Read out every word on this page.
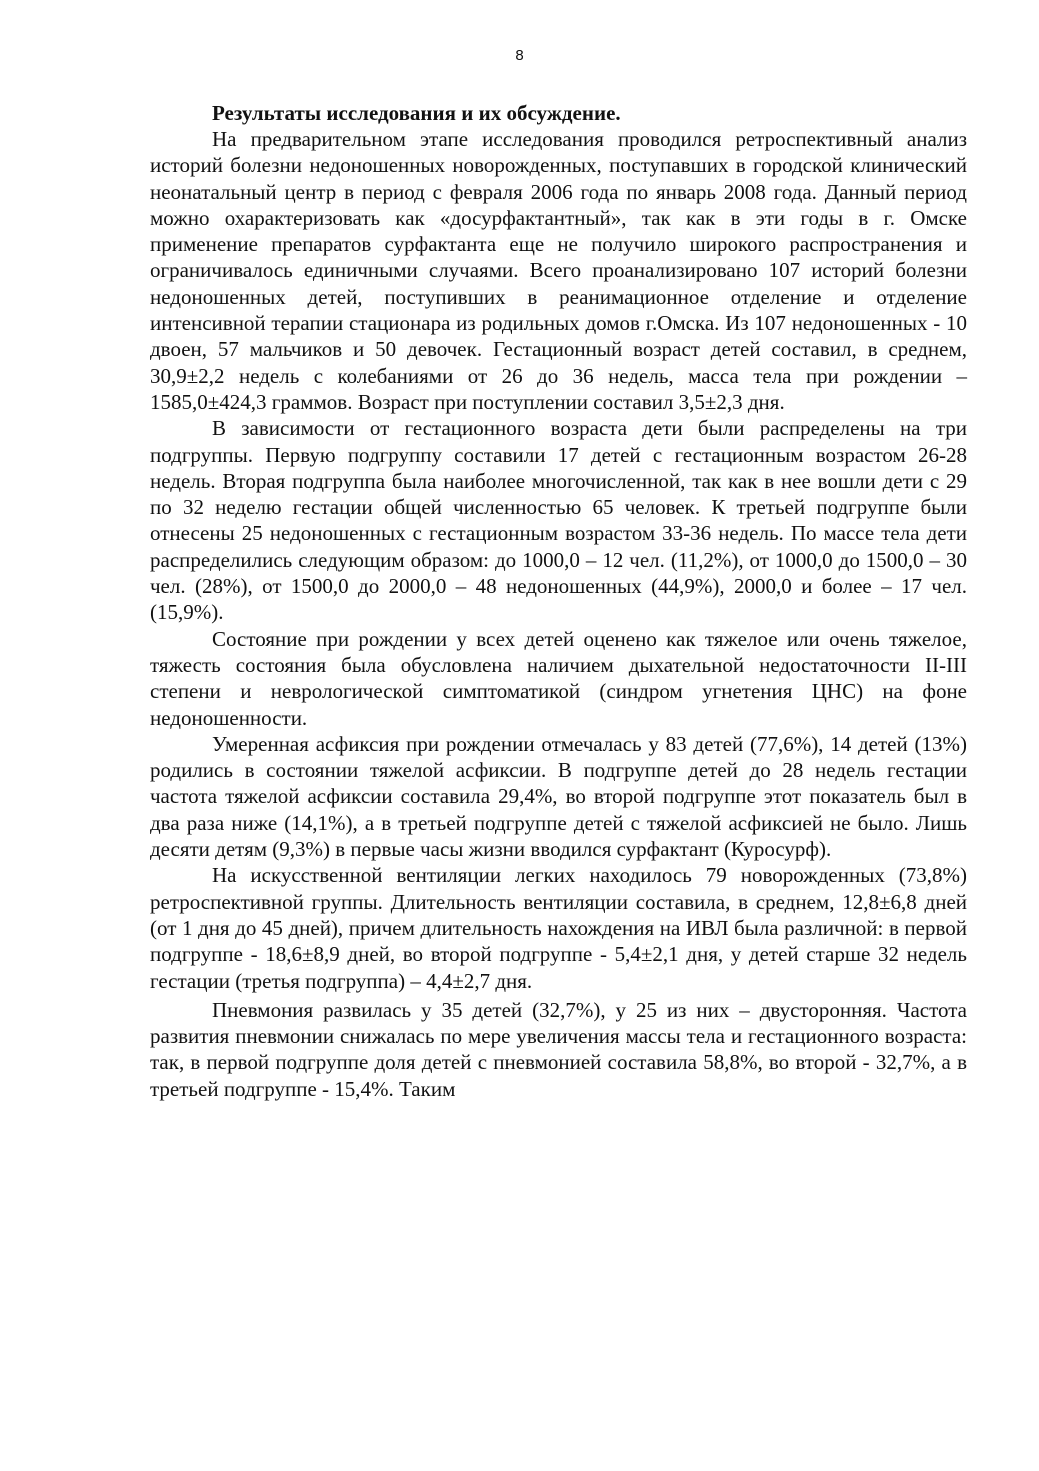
8

Результаты исследования и их обсуждение.

На предварительном этапе исследования проводился ретроспективный анализ историй болезни недоношенных новорожденных, поступавших в городской клинический неонатальный центр в период с февраля 2006 года по январь 2008 года. Данный период можно охарактеризовать как «досурфактантный», так как в эти годы в г. Омске применение препаратов сурфактанта еще не получило широкого распространения и ограничивалось единичными случаями. Всего проанализировано 107 историй болезни недоношенных детей, поступивших в реанимационное отделение и отделение интенсивной терапии стационара из родильных домов г.Омска. Из 107 недоношенных - 10 двоен, 57 мальчиков и 50 девочек. Гестационный возраст детей составил, в среднем, 30,9±2,2 недель с колебаниями от 26 до 36 недель, масса тела при рождении – 1585,0±424,3 граммов. Возраст при поступлении составил 3,5±2,3 дня.

В зависимости от гестационного возраста дети были распределены на три подгруппы. Первую подгруппу составили 17 детей с гестационным возрастом 26-28 недель. Вторая подгруппа была наиболее многочисленной, так как в нее вошли дети с 29 по 32 неделю гестации общей численностью 65 человек. К третьей подгруппе были отнесены 25 недоношенных с гестационным возрастом 33-36 недель. По массе тела дети распределились следующим образом: до 1000,0 – 12 чел. (11,2%), от 1000,0 до 1500,0 – 30 чел. (28%), от 1500,0 до 2000,0 – 48 недоношенных (44,9%), 2000,0 и более – 17 чел. (15,9%).

Состояние при рождении у всех детей оценено как тяжелое или очень тяжелое, тяжесть состояния была обусловлена наличием дыхательной недостаточности II-III степени и неврологической симптоматикой (синдром угнетения ЦНС) на фоне недоношенности.

Умеренная асфиксия при рождении отмечалась у 83 детей (77,6%), 14 детей (13%) родились в состоянии тяжелой асфиксии. В подгруппе детей до 28 недель гестации частота тяжелой асфиксии составила 29,4%, во второй подгруппе этот показатель был в два раза ниже (14,1%), а в третьей подгруппе детей с тяжелой асфиксией не было. Лишь десяти детям (9,3%) в первые часы жизни вводился сурфактант (Куросурф).

На искусственной вентиляции легких находилось 79 новорожденных (73,8%) ретроспективной группы. Длительность вентиляции составила, в среднем, 12,8±6,8 дней (от 1 дня до 45 дней), причем длительность нахождения на ИВЛ была различной: в первой подгруппе - 18,6±8,9 дней, во второй подгруппе - 5,4±2,1 дня, у детей старше 32 недель гестации (третья подгруппа) – 4,4±2,7 дня.

Пневмония развилась у 35 детей (32,7%), у 25 из них – двусторонняя. Частота развития пневмонии снижалась по мере увеличения массы тела и гестационного возраста: так, в первой подгруппе доля детей с пневмонией составила 58,8%, во второй - 32,7%, а в третьей подгруппе - 15,4%. Таким
